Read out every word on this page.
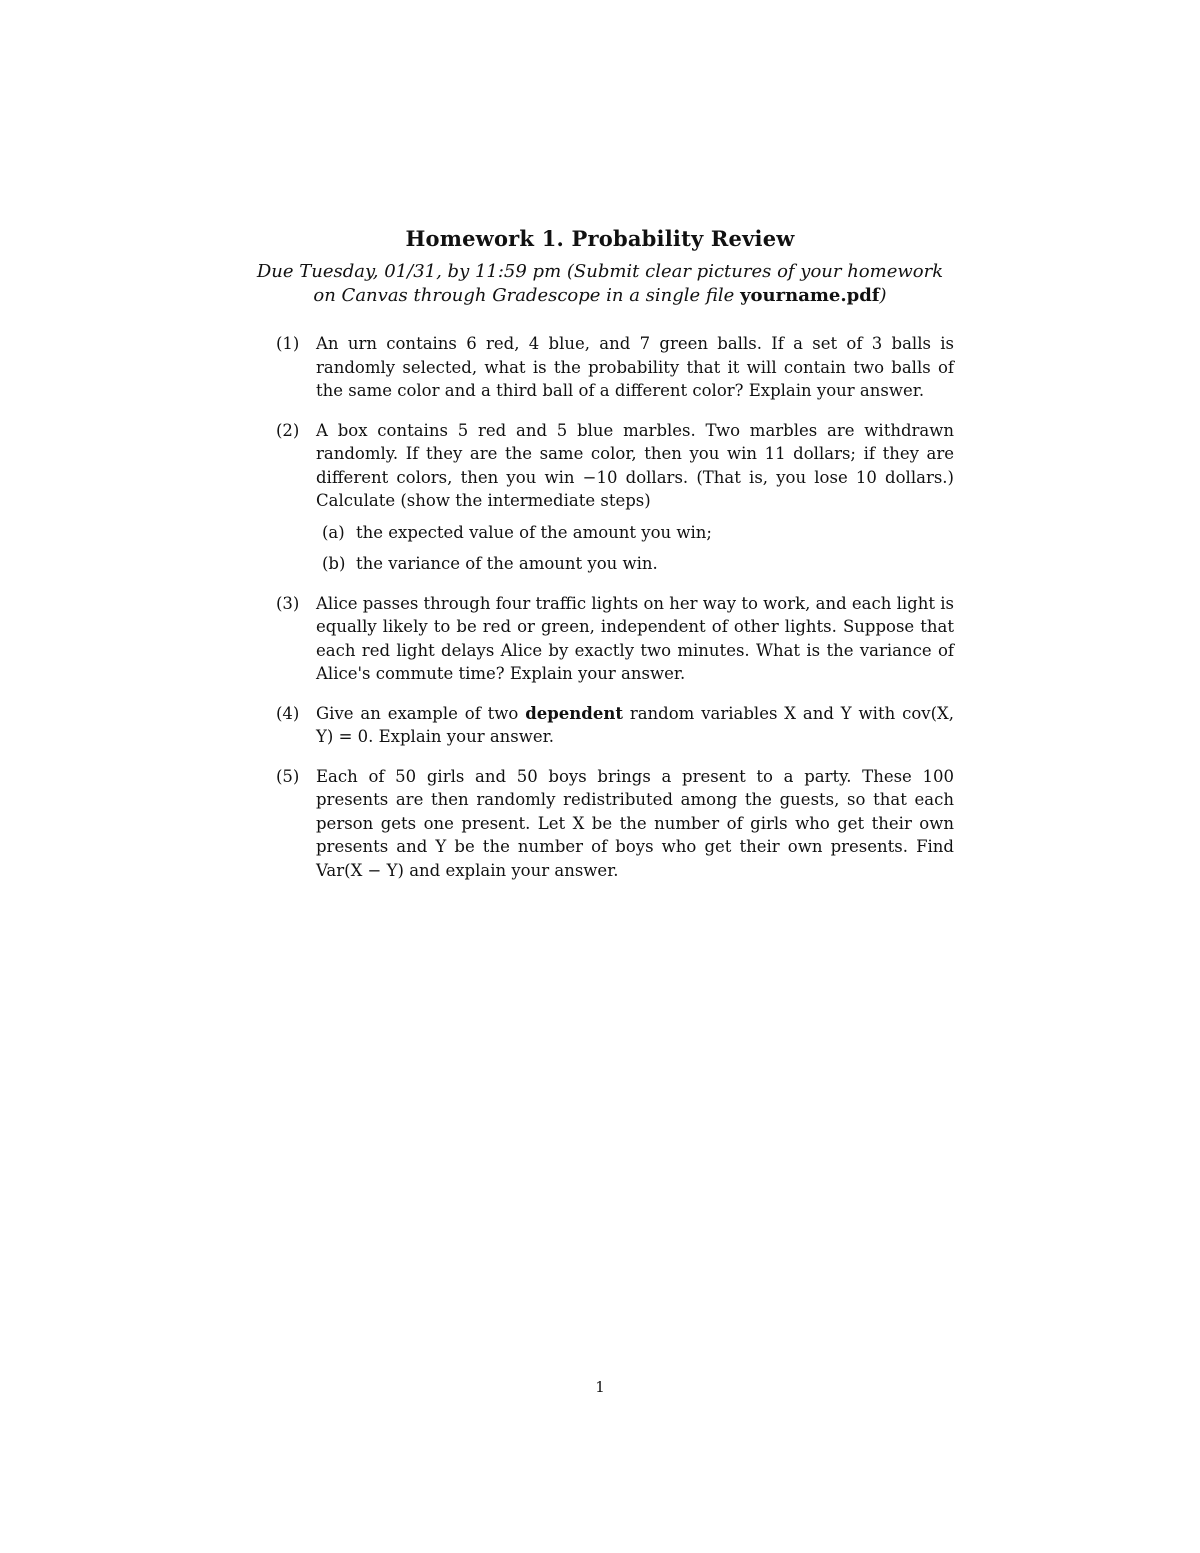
Homework 1. Probability Review
Due Tuesday, 01/31, by 11:59 pm (Submit clear pictures of your homework
on Canvas through Gradescope in a single file yourname.pdf)
(1) An urn contains 6 red, 4 blue, and 7 green balls. If a set of 3 balls is randomly selected, what is the probability that it will contain two balls of the same color and a third ball of a different color? Explain your answer.
(2) A box contains 5 red and 5 blue marbles. Two marbles are withdrawn randomly. If they are the same color, then you win 11 dollars; if they are different colors, then you win −10 dollars. (That is, you lose 10 dollars.) Calculate (show the intermediate steps)
(a) the expected value of the amount you win;
(b) the variance of the amount you win.
(3) Alice passes through four traffic lights on her way to work, and each light is equally likely to be red or green, independent of other lights. Suppose that each red light delays Alice by exactly two minutes. What is the variance of Alice's commute time? Explain your answer.
(4) Give an example of two dependent random variables X and Y with cov(X, Y) = 0. Explain your answer.
(5) Each of 50 girls and 50 boys brings a present to a party. These 100 presents are then randomly redistributed among the guests, so that each person gets one present. Let X be the number of girls who get their own presents and Y be the number of boys who get their own presents. Find Var(X − Y) and explain your answer.
1
